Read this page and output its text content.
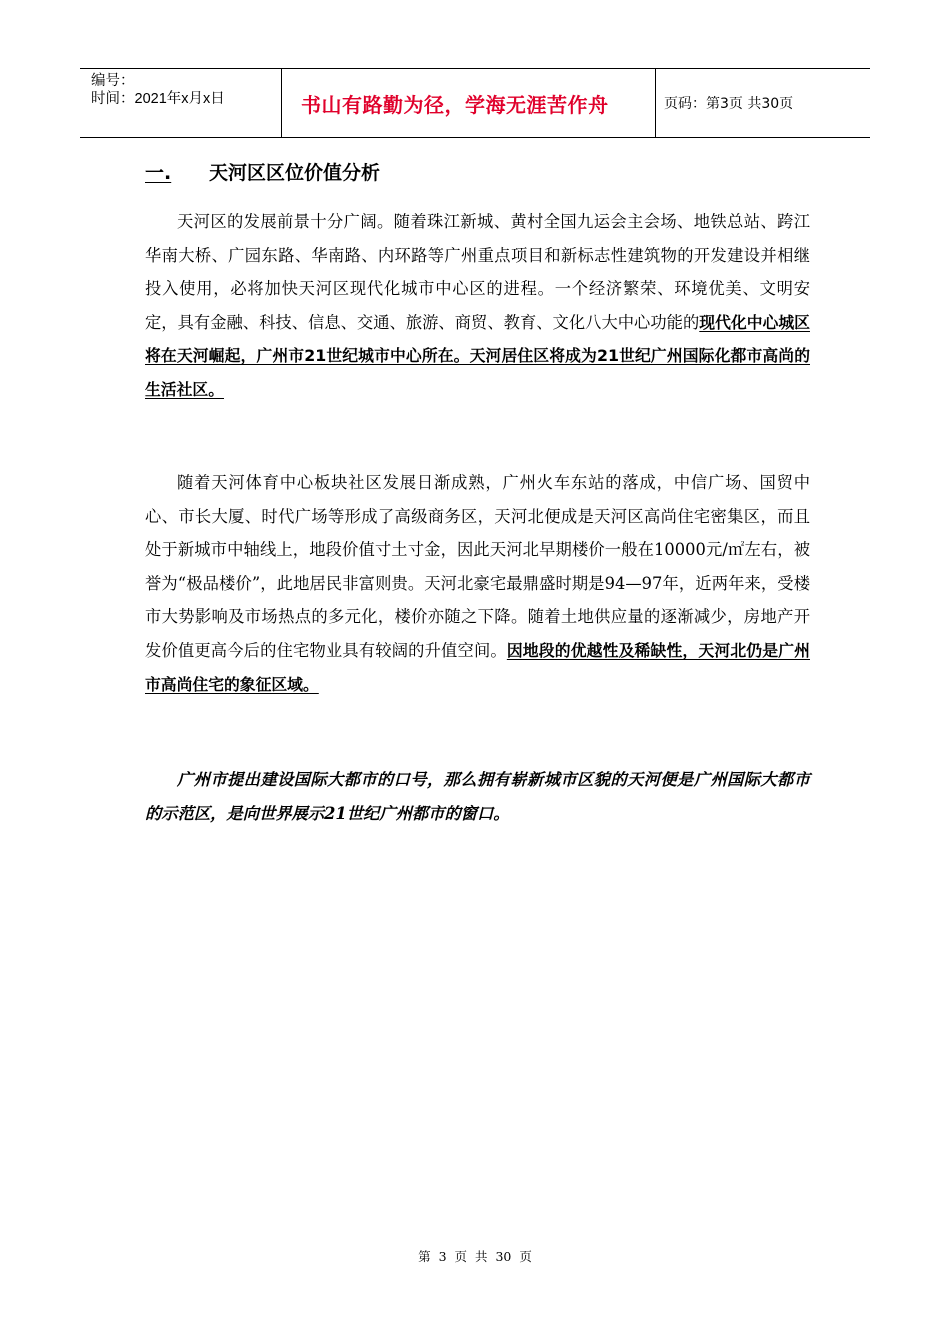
编号：
时间：2021年x月x日	书山有路勤为径，学海无涯苦作舟	页码：第3页 共30页
一. 天河区区位价值分析

天河区的发展前景十分广阔。随着珠江新城、黄村全国九运会主会场、地铁总站、跨江华南大桥、广园东路、华南路、内环路等广州重点项目和新标志性建筑物的开发建设并相继投入使用，必将加快天河区现代化城市中心区的进程。一个经济繁荣、环境优美、文明安定，具有金融、科技、信息、交通、旅游、商贸、教育、文化八大中心功能的现代化中心城区将在天河崛起，广州市21世纪城市中心所在。天河居住区将成为21世纪广州国际化都市高尚的生活社区。

随着天河体育中心板块社区发展日渐成熟，广州火车东站的落成，中信广场、国贸中心、市长大厦、时代广场等形成了高级商务区，天河北便成是天河区高尚住宅密集区，而且处于新城市中轴线上，地段价值寸土寸金，因此天河北早期楼价一般在10000元/㎡左右，被誉为“极品楼价”，此地居民非富则贵。天河北豪宅最鼎盛时期是94—97年，近两年来，受楼市大势影响及市场热点的多元化，楼价亦随之下降。随着土地供应量的逐渐减少，房地产开发价值更高今后的住宅物业具有较阔的升值空间。因地段的优越性及稀缺性，天河北仍是广州市高尚住宅的象征区域。

广州市提出建设国际大都市的口号，那么拥有崭新城市区貌的天河便是广州国际大都市的示范区，是向世界展示21世纪广州都市的窗口。

第 3 页 共 30 页
